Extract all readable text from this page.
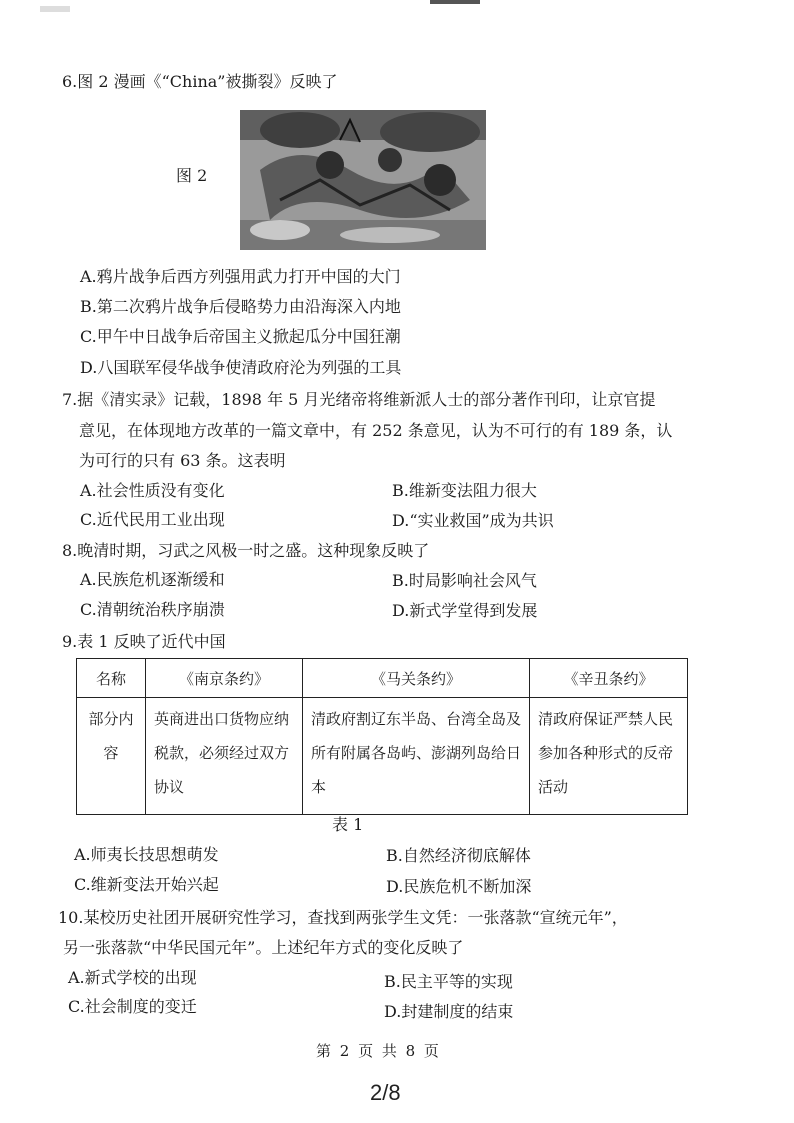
6.图 2 漫画《“China”被撕裂》反映了
图 2
A.鸦片战争后西方列强用武力打开中国的大门
B.第二次鸦片战争后侵略势力由沿海深入内地
C.甲午中日战争后帝国主义掀起瓜分中国狂潮
D.八国联军侵华战争使清政府沦为列强的工具
7.据《清实录》记载，1898 年 5 月光绪帝将维新派人士的部分著作刊印，让京官提
意见，在体现地方改革的一篇文章中，有 252 条意见，认为不可行的有 189 条，认
为可行的只有 63 条。这表明
A.社会性质没有变化	B.维新变法阻力很大
C.近代民用工业出现	D.“实业救国”成为共识
8.晚清时期，习武之风极一时之盛。这种现象反映了
A.民族危机逐渐缓和	B.时局影响社会风气
C.清朝统治秩序崩溃	D.新式学堂得到发展
9.表 1 反映了近代中国
名称	《南京条约》	《马关条约》	《辛丑条约》
部分内容	英商进出口货物应纳税款，必须经过双方协议	清政府割辽东半岛、台湾全岛及所有附属各岛屿、澎湖列岛给日本	清政府保证严禁人民参加各种形式的反帝活动
表 1
A.师夷长技思想萌发	B.自然经济彻底解体
C.维新变法开始兴起	D.民族危机不断加深
10.某校历史社团开展研究性学习，查找到两张学生文凭：一张落款“宣统元年”，
另一张落款“中华民国元年”。上述纪年方式的变化反映了
A.新式学校的出现	B.民主平等的实现
C.社会制度的变迁	D.封建制度的结束
第 2 页 共 8 页
2/8
